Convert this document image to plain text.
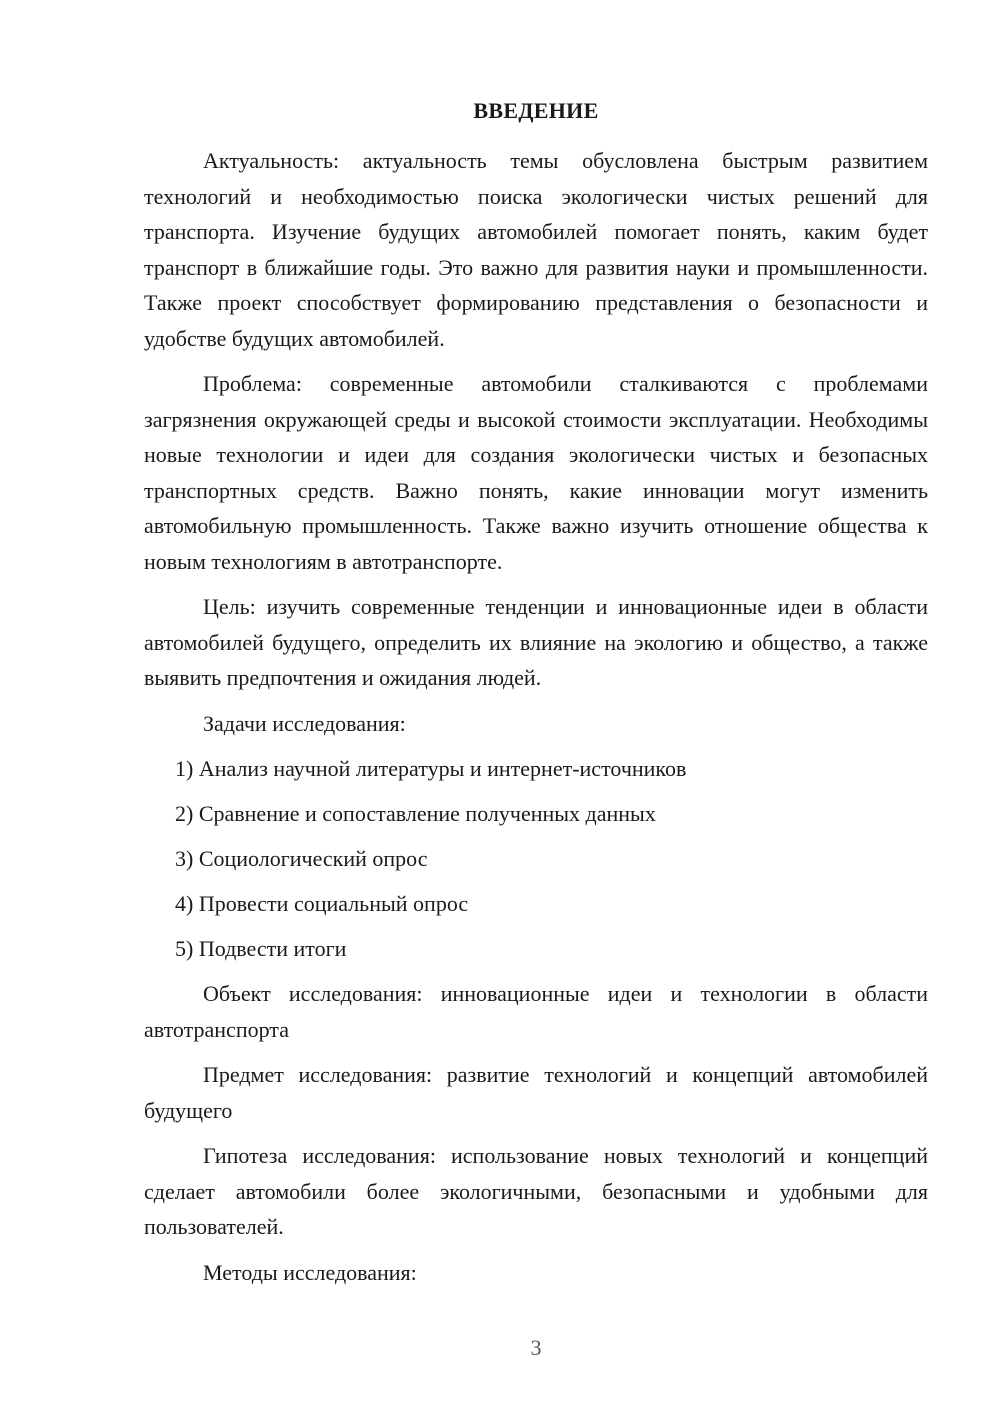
ВВЕДЕНИЕ

Актуальность: актуальность темы обусловлена быстрым развитием технологий и необходимостью поиска экологически чистых решений для транспорта. Изучение будущих автомобилей помогает понять, каким будет транспорт в ближайшие годы. Это важно для развития науки и промышленности. Также проект способствует формированию представления о безопасности и удобстве будущих автомобилей.

Проблема: современные автомобили сталкиваются с проблемами загрязнения окружающей среды и высокой стоимости эксплуатации. Необходимы новые технологии и идеи для создания экологически чистых и безопасных транспортных средств. Важно понять, какие инновации могут изменить автомобильную промышленность. Также важно изучить отношение общества к новым технологиям в автотранспорте.

Цель: изучить современные тенденции и инновационные идеи в области автомобилей будущего, определить их влияние на экологию и общество, а также выявить предпочтения и ожидания людей.

Задачи исследования:

1) Анализ научной литературы и интернет-источников

2) Сравнение и сопоставление полученных данных

3) Социологический опрос

4) Провести социальный опрос

5) Подвести итоги

Объект исследования: инновационные идеи и технологии в области автотранспорта

Предмет исследования: развитие технологий и концепций автомобилей будущего

Гипотеза исследования: использование новых технологий и концепций сделает автомобили более экологичными, безопасными и удобными для пользователей.

Методы исследования:

3
